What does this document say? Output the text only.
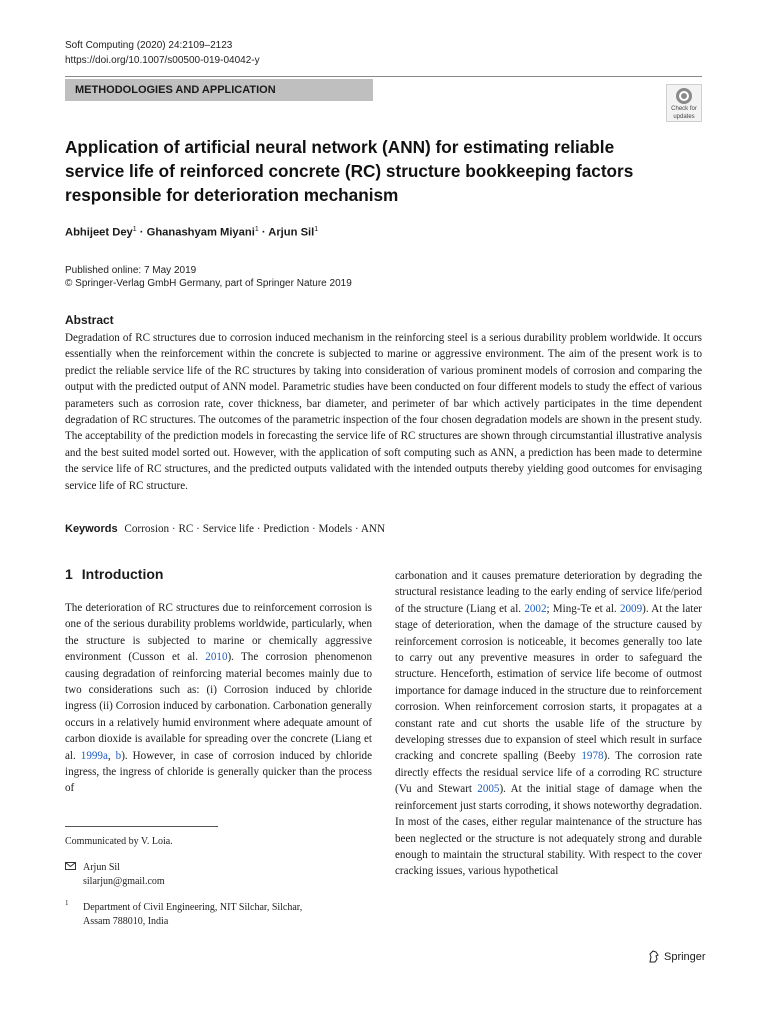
Soft Computing (2020) 24:2109–2123
https://doi.org/10.1007/s00500-019-04042-y
METHODOLOGIES AND APPLICATION
Check for
updates
Application of artificial neural network (ANN) for estimating reliable service life of reinforced concrete (RC) structure bookkeeping factors responsible for deterioration mechanism
Abhijeet Dey$^1$ · Ghanashyam Miyani$^1$ · Arjun Sil$^1$
Published online: 7 May 2019
© Springer-Verlag GmbH Germany, part of Springer Nature 2019
Abstract

Degradation of RC structures due to corrosion induced mechanism in the reinforcing steel is a serious durability problem worldwide. It occurs essentially when the reinforcement within the concrete is subjected to marine or aggressive environment. The aim of the present work is to predict the reliable service life of the RC structures by taking into consideration of various prominent models of corrosion and comparing the output with the predicted output of ANN model. Parametric studies have been conducted on four different models to study the effect of various parameters such as corrosion rate, cover thickness, bar diameter, and perimeter of bar which actively participates in the time dependent degradation of RC structures. The outcomes of the parametric inspection of the four chosen degradation models are shown in the present study. The acceptability of the prediction models in forecasting the service life of RC structures are shown through circumstantial illustrative analysis and the best suited model sorted out. However, with the application of soft computing such as ANN, a prediction has been made to determine the service life of RC structures, and the predicted outputs validated with the intended outputs thereby yielding good outcomes for envisaging service life of RC structure.

Keywords Corrosion · RC · Service life · Prediction · Models · ANN
1 Introduction

The deterioration of RC structures due to reinforcement corrosion is one of the serious durability problems worldwide, particularly, when the structure is subjected to marine or chemically aggressive environment (Cusson et al. 2010). The corrosion phenomenon causing degradation of reinforcing material becomes mainly due to two considerations such as: (i) Corrosion induced by chloride ingress (ii) Corrosion induced by carbonation. Carbonation generally occurs in a relatively humid environment where adequate amount of carbon dioxide is available for spreading over the concrete (Liang et al. 1999a, b). However, in case of corrosion induced by chloride ingress, the ingress of chloride is generally quicker than the process of

carbonation and it causes premature deterioration by degrading the structural resistance leading to the early ending of service life/period of the structure (Liang et al. 2002; Ming-Te et al. 2009). At the later stage of deterioration, when the damage of the structure caused by reinforcement corrosion is noticeable, it becomes generally too late to carry out any preventive measures in order to safeguard the structure. Henceforth, estimation of service life become of outmost importance for damage induced in the structure due to reinforcement corrosion. When reinforcement corrosion starts, it propagates at a constant rate and cut shorts the usable life of the structure by developing stresses due to expansion of steel which result in surface cracking and concrete spalling (Beeby 1978). The corrosion rate directly effects the residual service life of a corroding RC structure (Vu and Stewart 2005). At the initial stage of damage when the reinforcement just starts corroding, it shows noteworthy degradation. In most of the cases, either regular maintenance of the structure has been neglected or the structure is not adequately strong and durable enough to maintain the structural stability. With respect to the cover cracking issues, various hypothetical

Communicated by V. Loia.
Arjun Sil
silarjun@gmail.com
1 Department of Civil Engineering, NIT Silchar, Silchar,
Assam 788010, India
Springer
